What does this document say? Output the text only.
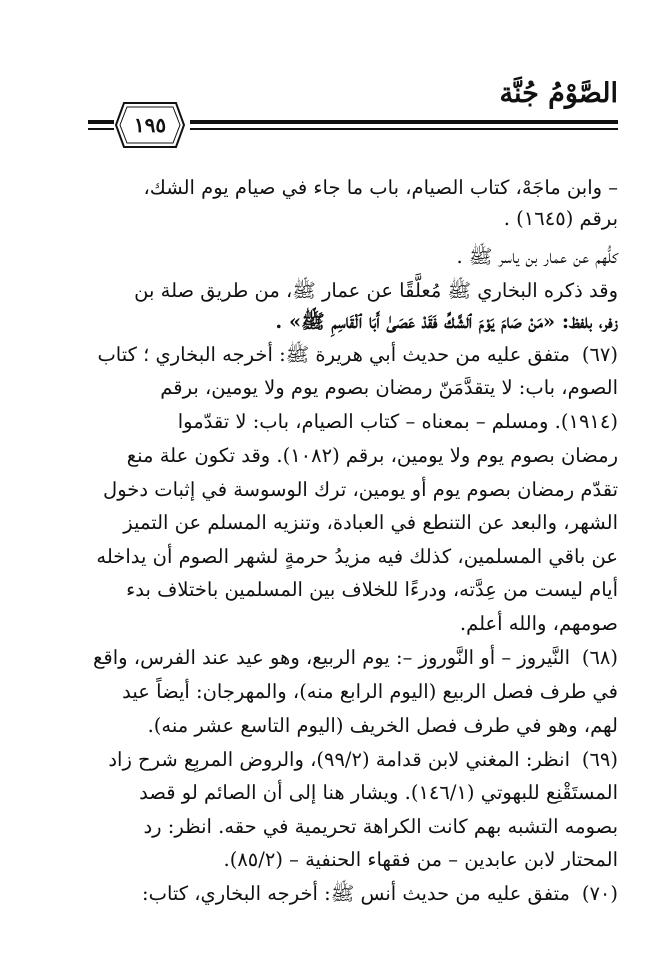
الصَّوْمُ جُنَّة
١٩٥
– وابن ماجَهْ، كتاب الصيام، باب ما جاء في صيام يوم الشك،
برقم (١٦٤٥) .
كلُّهم عن عمار بن ياسر ﷺ .
وقد ذكره البخاري ﷺ مُعلَّقًا عن عمار ﷺ، من طريق صلة بن
زفر، بلفظ: «مَنْ صَامَ يَوْمَ ٱلشَّكِّ فَقَدْ عَصَىٰ أَبَا ٱلْقَاسِمِ ﷺ» .
متفق عليه من حديث أبي هريرة ﷺ: أخرجه البخاري ؛ كتاب (٦٧)
الصوم، باب: لا يتقدَّمَنّ رمضان بصوم يوم ولا يومين، برقم
(١٩١٤). ومسلم – بمعناه – كتاب الصيام، باب: لا تقدّموا
رمضان بصوم يوم ولا يومين، برقم (١٠٨٢). وقد تكون علة منع
تقدّم رمضان بصوم يوم أو يومين، ترك الوسوسة في إثبات دخول
الشهر، والبعد عن التنطع في العبادة، وتنزيه المسلم عن التميز
عن باقي المسلمين، كذلك فيه مزيدُ حرمةٍ لشهر الصوم أن يداخله
أيام ليست من عِدَّته، ودرءًا للخلاف بين المسلمين باختلاف بدء
صومهم، والله أعلم.
النَّيروز – أو النَّوروز –: يوم الربيع، وهو عيد عند الفرس، واقع (٦٨)
في طرف فصل الربيع (اليوم الرابع منه)، والمهرجان: أيضاً عيد
لهم، وهو في طرف فصل الخريف (اليوم التاسع عشر منه).
انظر: المغني لابن قدامة (٩٩/٢)، والروض المربِع شرح زاد (٦٩)
المستَقْنِع للبهوتي (١٤٦/١). ويشار هنا إلى أن الصائم لو قصد
بصومه التشبه بهم كانت الكراهة تحريمية في حقه. انظر: رد
المحتار لابن عابدين – من فقهاء الحنفية – (٨٥/٢).
متفق عليه من حديث أنس ﷺ: أخرجه البخاري، كتاب: (٧٠)
